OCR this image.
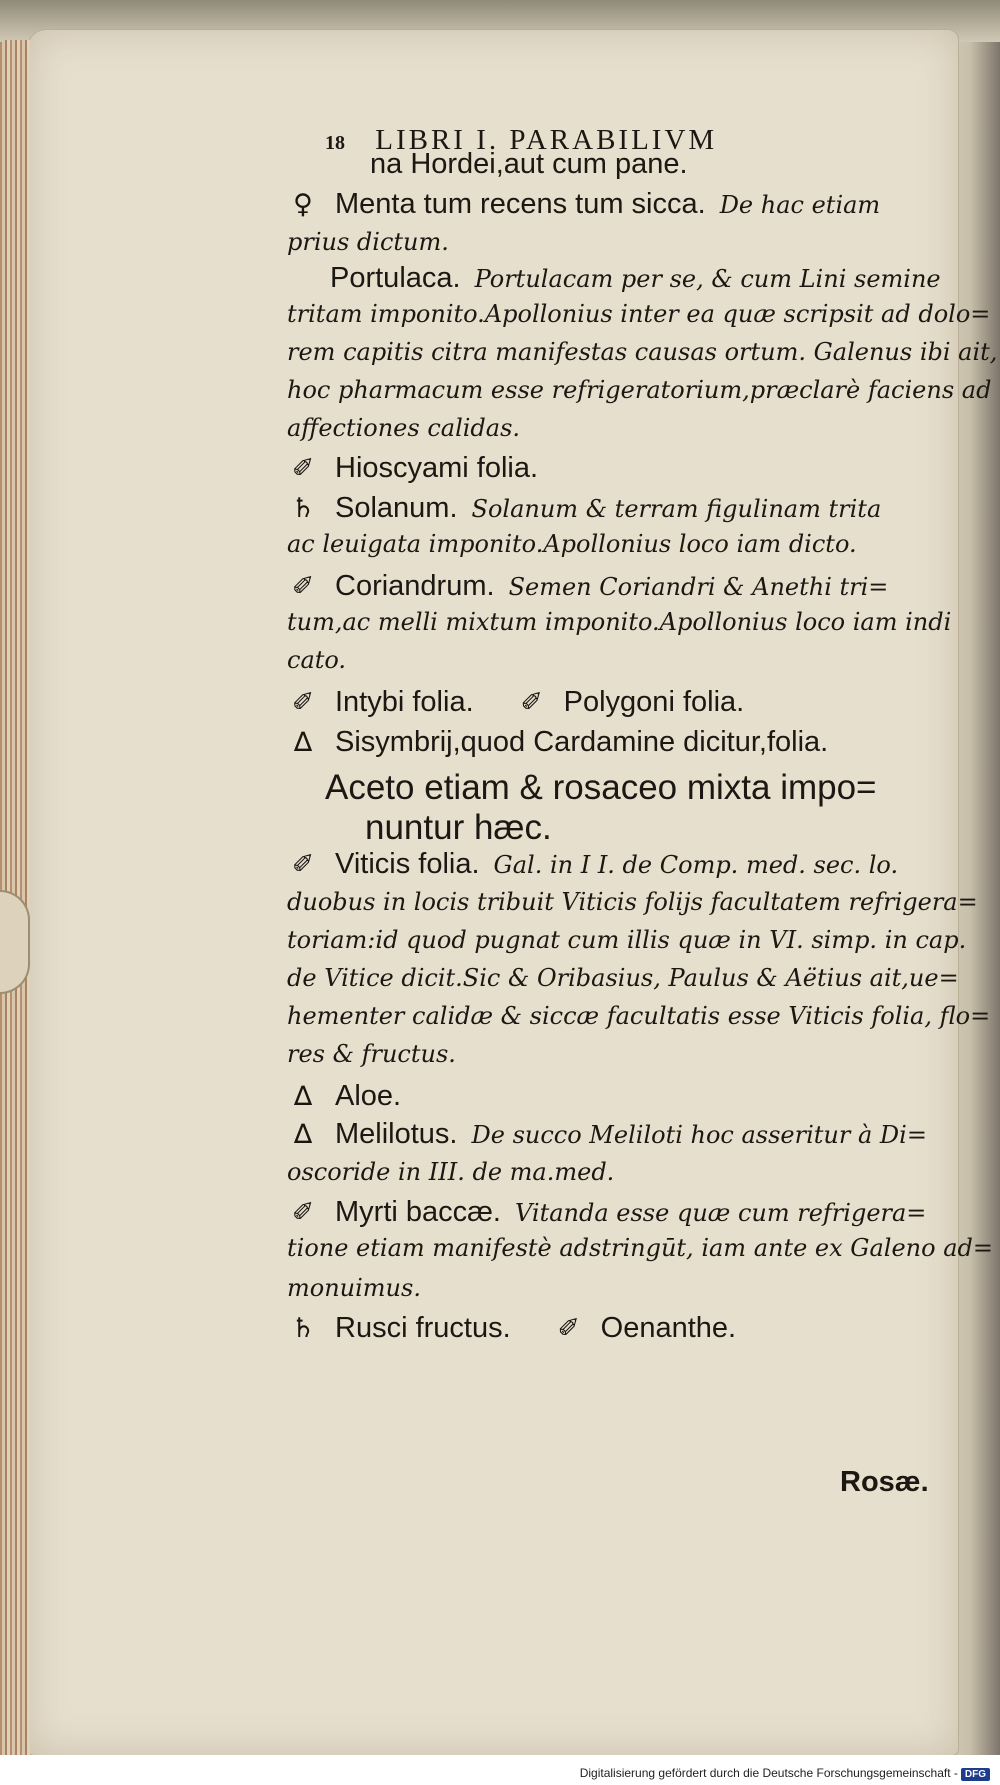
18 LIBRI I. PARABILIVM
na Hordei,aut cum pane.
♀ Menta tum recens tum sicca. De hac etiam
prius dictum.
Portulaca. Portulacam per se, & cum Lini semine
tritam imponito.Apollonius inter ea quæ scripsit ad dolo=
rem capitis citra manifestas causas ortum. Galenus ibi ait,
hoc pharmacum esse refrigeratorium,præclarè faciens ad
affectiones calidas.
✐ Hioscyami folia.
♄ Solanum. Solanum & terram figulinam trita
ac leuigata imponito.Apollonius loco iam dicto.
✐ Coriandrum. Semen Coriandri & Anethi tri=
tum,ac melli mixtum imponito.Apollonius loco iam indi
cato.
✐ Intybi folia. ✐ Polygoni folia.
∆ Sisymbrij,quod Cardamine dicitur,folia.
Aceto etiam & rosaceo mixta impo=
nuntur hæc.
✐ Viticis folia. Gal. in I I. de Comp. med. sec. lo.
duobus in locis tribuit Viticis folijs facultatem refrigera=
toriam:id quod pugnat cum illis quæ in VI. simp. in cap.
de Vitice dicit.Sic & Oribasius, Paulus & Aëtius ait,ue=
hementer calidæ & siccæ facultatis esse Viticis folia, flo=
res & fructus.
∆ Aloe.
∆ Melilotus. De succo Meliloti hoc asseritur à Di=
oscoride in III. de ma.med.
✐ Myrti baccæ. Vitanda esse quæ cum refrigera=
tione etiam manifestè adstringūt, iam ante ex Galeno ad=
monuimus.
♄ Rusci fructus. ✐ Oenanthe.
Rosæ.
Digitalisierung gefördert durch die Deutsche Forschungsgemeinschaft - DFG
